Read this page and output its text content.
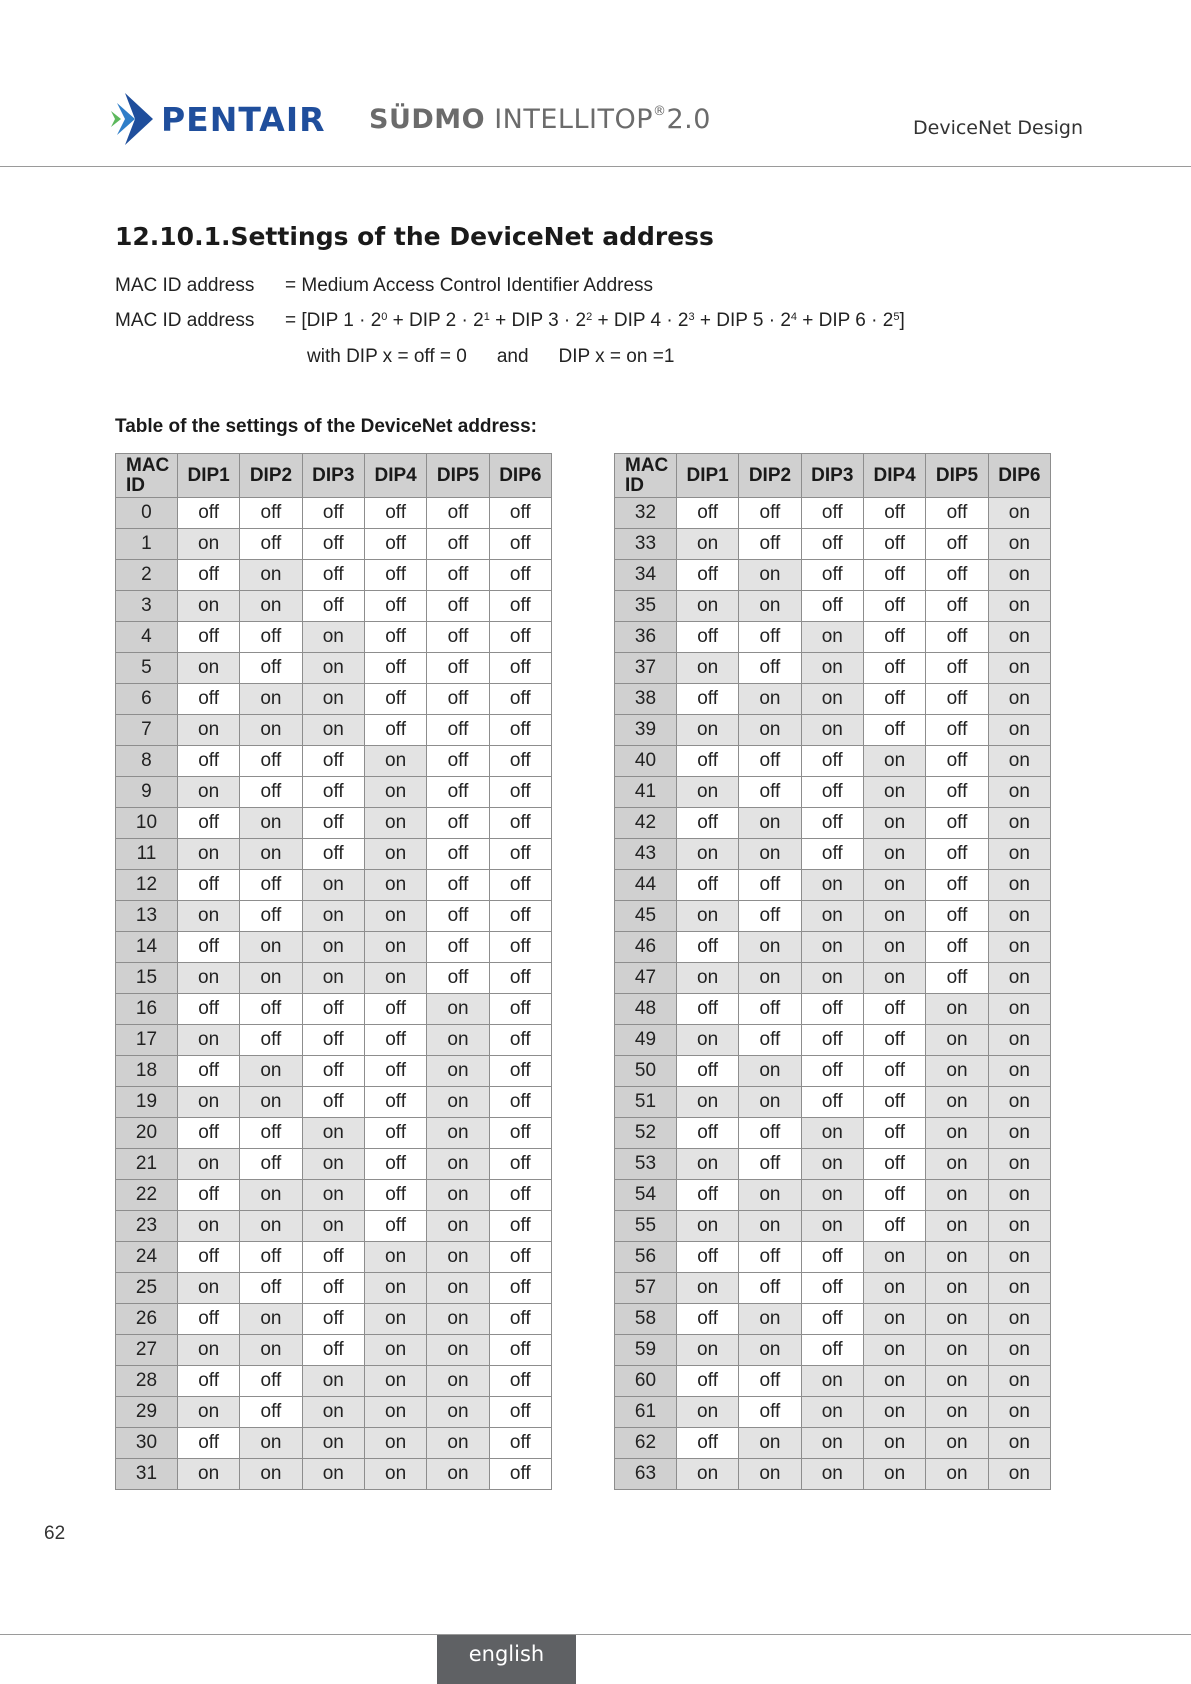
PENTAIR SÜDMO INTELLITOP®2.0	DeviceNet Design
12.10.1.Settings of the DeviceNet address
MAC ID address = Medium Access Control Identifier Address
MAC ID address = [DIP $1 \cdot 2^0$ + DIP $2 \cdot 2^1$ + DIP $3 \cdot 2^2$ + DIP $4 \cdot 2^3$ + DIP $5 \cdot 2^4$ + DIP $6 \cdot 2^5$]
with DIP x = off = 0 and DIP x = on =1
Table of the settings of the DeviceNet address:
MAC ID	DIP1	DIP2	DIP3	DIP4	DIP5	DIP6
0	off	off	off	off	off	off
1	on	off	off	off	off	off
2	off	on	off	off	off	off
3	on	on	off	off	off	off
4	off	off	on	off	off	off
5	on	off	on	off	off	off
6	off	on	on	off	off	off
7	on	on	on	off	off	off
8	off	off	off	on	off	off
9	on	off	off	on	off	off
10	off	on	off	on	off	off
11	on	on	off	on	off	off
12	off	off	on	on	off	off
13	on	off	on	on	off	off
14	off	on	on	on	off	off
15	on	on	on	on	off	off
16	off	off	off	off	on	off
17	on	off	off	off	on	off
18	off	on	off	off	on	off
19	on	on	off	off	on	off
20	off	off	on	off	on	off
21	on	off	on	off	on	off
22	off	on	on	off	on	off
23	on	on	on	off	on	off
24	off	off	off	on	on	off
25	on	off	off	on	on	off
26	off	on	off	on	on	off
27	on	on	off	on	on	off
28	off	off	on	on	on	off
29	on	off	on	on	on	off
30	off	on	on	on	on	off
31	on	on	on	on	on	off
MAC ID	DIP1	DIP2	DIP3	DIP4	DIP5	DIP6
32	off	off	off	off	off	on
33	on	off	off	off	off	on
34	off	on	off	off	off	on
35	on	on	off	off	off	on
36	off	off	on	off	off	on
37	on	off	on	off	off	on
38	off	on	on	off	off	on
39	on	on	on	off	off	on
40	off	off	off	on	off	on
41	on	off	off	on	off	on
42	off	on	off	on	off	on
43	on	on	off	on	off	on
44	off	off	on	on	off	on
45	on	off	on	on	off	on
46	off	on	on	on	off	on
47	on	on	on	on	off	on
48	off	off	off	off	on	on
49	on	off	off	off	on	on
50	off	on	off	off	on	on
51	on	on	off	off	on	on
52	off	off	on	off	on	on
53	on	off	on	off	on	on
54	off	on	on	off	on	on
55	on	on	on	off	on	on
56	off	off	off	on	on	on
57	on	off	off	on	on	on
58	off	on	off	on	on	on
59	on	on	off	on	on	on
60	off	off	on	on	on	on
61	on	off	on	on	on	on
62	off	on	on	on	on	on
63	on	on	on	on	on	on
62
english
